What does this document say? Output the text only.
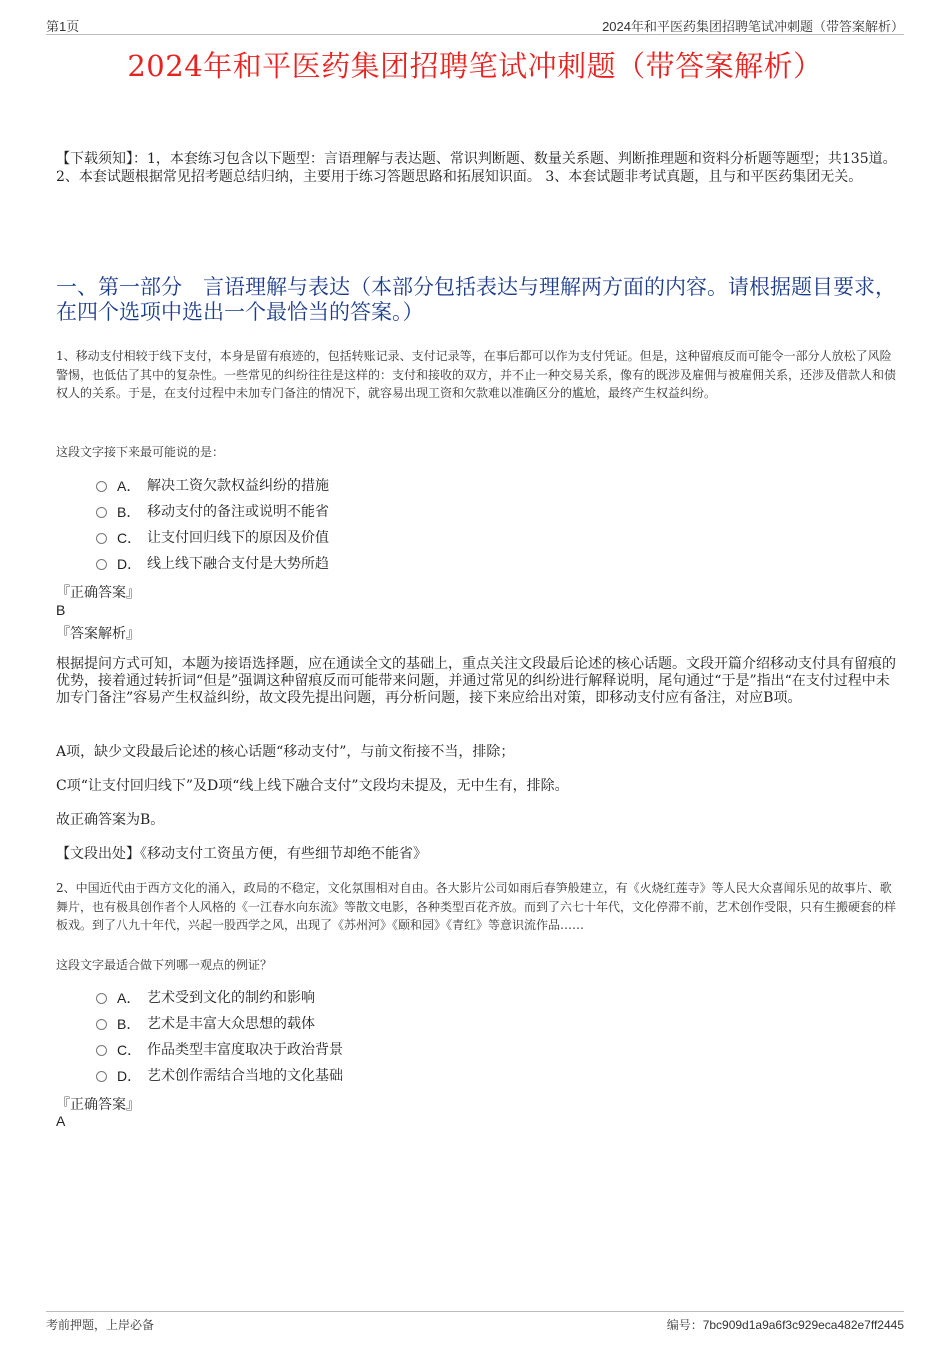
第1页	2024年和平医药集团招聘笔试冲刺题（带答案解析）
2024年和平医药集团招聘笔试冲刺题（带答案解析）
【下载须知】：1，本套练习包含以下题型：言语理解与表达题、常识判断题、数量关系题、判断推理题和资料分析题等题型；共135道。 2、本套试题根据常见招考题总结归纳，主要用于练习答题思路和拓展知识面。 3、本套试题非考试真题，且与和平医药集团无关。
一、第一部分　言语理解与表达（本部分包括表达与理解两方面的内容。请根据题目要求，在四个选项中选出一个最恰当的答案。）
1、移动支付相较于线下支付，本身是留有痕迹的，包括转账记录、支付记录等，在事后都可以作为支付凭证。但是，这种留痕反而可能令一部分人放松了风险警惕，也低估了其中的复杂性。一些常见的纠纷往往是这样的：支付和接收的双方，并不止一种交易关系，像有的既涉及雇佣与被雇佣关系，还涉及借款人和债权人的关系。于是，在支付过程中未加专门备注的情况下，就容易出现工资和欠款难以准确区分的尴尬，最终产生权益纠纷。
这段文字接下来最可能说的是：
A． 解决工资欠款权益纠纷的措施
B． 移动支付的备注或说明不能省
C． 让支付回归线下的原因及价值
D． 线上线下融合支付是大势所趋
『正确答案』
B
『答案解析』
根据提问方式可知，本题为接语选择题，应在通读全文的基础上，重点关注文段最后论述的核心话题。文段开篇介绍移动支付具有留痕的优势，接着通过转折词“但是”强调这种留痕反而可能带来问题，并通过常见的纠纷进行解释说明，尾句通过“于是”指出“在支付过程中未加专门备注”容易产生权益纠纷，故文段先提出问题，再分析问题，接下来应给出对策，即移动支付应有备注，对应B项。
A项，缺少文段最后论述的核心话题“移动支付”，与前文衔接不当，排除；
C项“让支付回归线下”及D项“线上线下融合支付”文段均未提及，无中生有，排除。
故正确答案为B。
【文段出处】《移动支付工资虽方便，有些细节却绝不能省》
2、中国近代由于西方文化的涌入，政局的不稳定，文化氛围相对自由。各大影片公司如雨后春笋般建立，有《火烧红莲寺》等人民大众喜闻乐见的故事片、歌舞片，也有极具创作者个人风格的《一江春水向东流》等散文电影，各种类型百花齐放。而到了六七十年代，文化停滞不前，艺术创作受限，只有生搬硬套的样板戏。到了八九十年代，兴起一股西学之风，出现了《苏州河》《颐和园》《青红》等意识流作品……
这段文字最适合做下列哪一观点的例证？
A． 艺术受到文化的制约和影响
B． 艺术是丰富大众思想的载体
C． 作品类型丰富度取决于政治背景
D． 艺术创作需结合当地的文化基础
『正确答案』
A
考前押题，上岸必备	编号：7bc909d1a9a6f3c929eca482e7ff2445
